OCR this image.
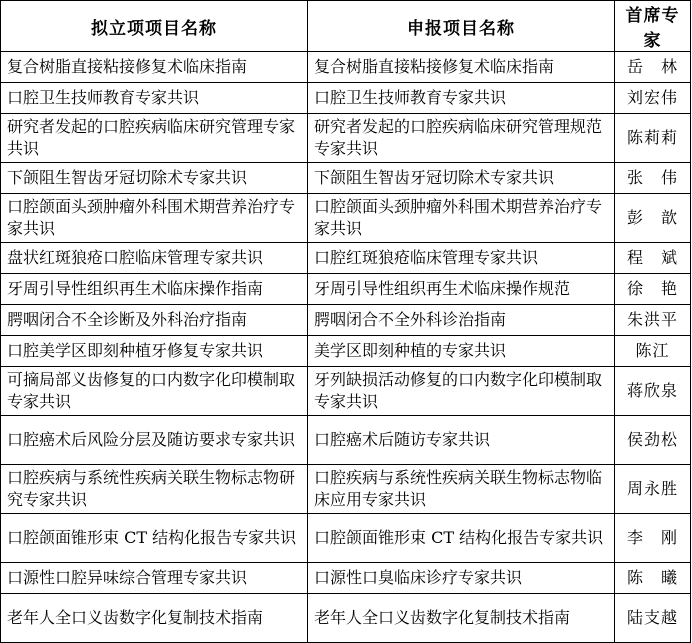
拟立项项目名称	申报项目名称	首席专家
复合树脂直接粘接修复术临床指南	复合树脂直接粘接修复术临床指南	岳　林
口腔卫生技师教育专家共识	口腔卫生技师教育专家共识	刘宏伟
研究者发起的口腔疾病临床研究管理专家共识	研究者发起的口腔疾病临床研究管理规范专家共识	陈莉莉
下颌阻生智齿牙冠切除术专家共识	下颌阻生智齿牙冠切除术专家共识	张　伟
口腔颌面头颈肿瘤外科围术期营养治疗专家共识	口腔颌面头颈肿瘤外科围术期营养治疗专家共识	彭　歆
盘状红斑狼疮口腔临床管理专家共识	口腔红斑狼疮临床管理专家共识	程　斌
牙周引导性组织再生术临床操作指南	牙周引导性组织再生术临床操作规范	徐　艳
腭咽闭合不全诊断及外科治疗指南	腭咽闭合不全外科诊治指南	朱洪平
口腔美学区即刻种植牙修复专家共识	美学区即刻种植的专家共识	陈江
可摘局部义齿修复的口内数字化印模制取专家共识	牙列缺损活动修复的口内数字化印模制取专家共识	蒋欣泉
口腔癌术后风险分层及随访要求专家共识	口腔癌术后随访专家共识	侯劲松
口腔疾病与系统性疾病关联生物标志物研究专家共识	口腔疾病与系统性疾病关联生物标志物临床应用专家共识	周永胜
口腔颌面锥形束 CT 结构化报告专家共识	口腔颌面锥形束 CT 结构化报告专家共识	李　刚
口源性口腔异味综合管理专家共识	口源性口臭临床诊疗专家共识	陈　曦
老年人全口义齿数字化复制技术指南	老年人全口义齿数字化复制技术指南	陆支越
